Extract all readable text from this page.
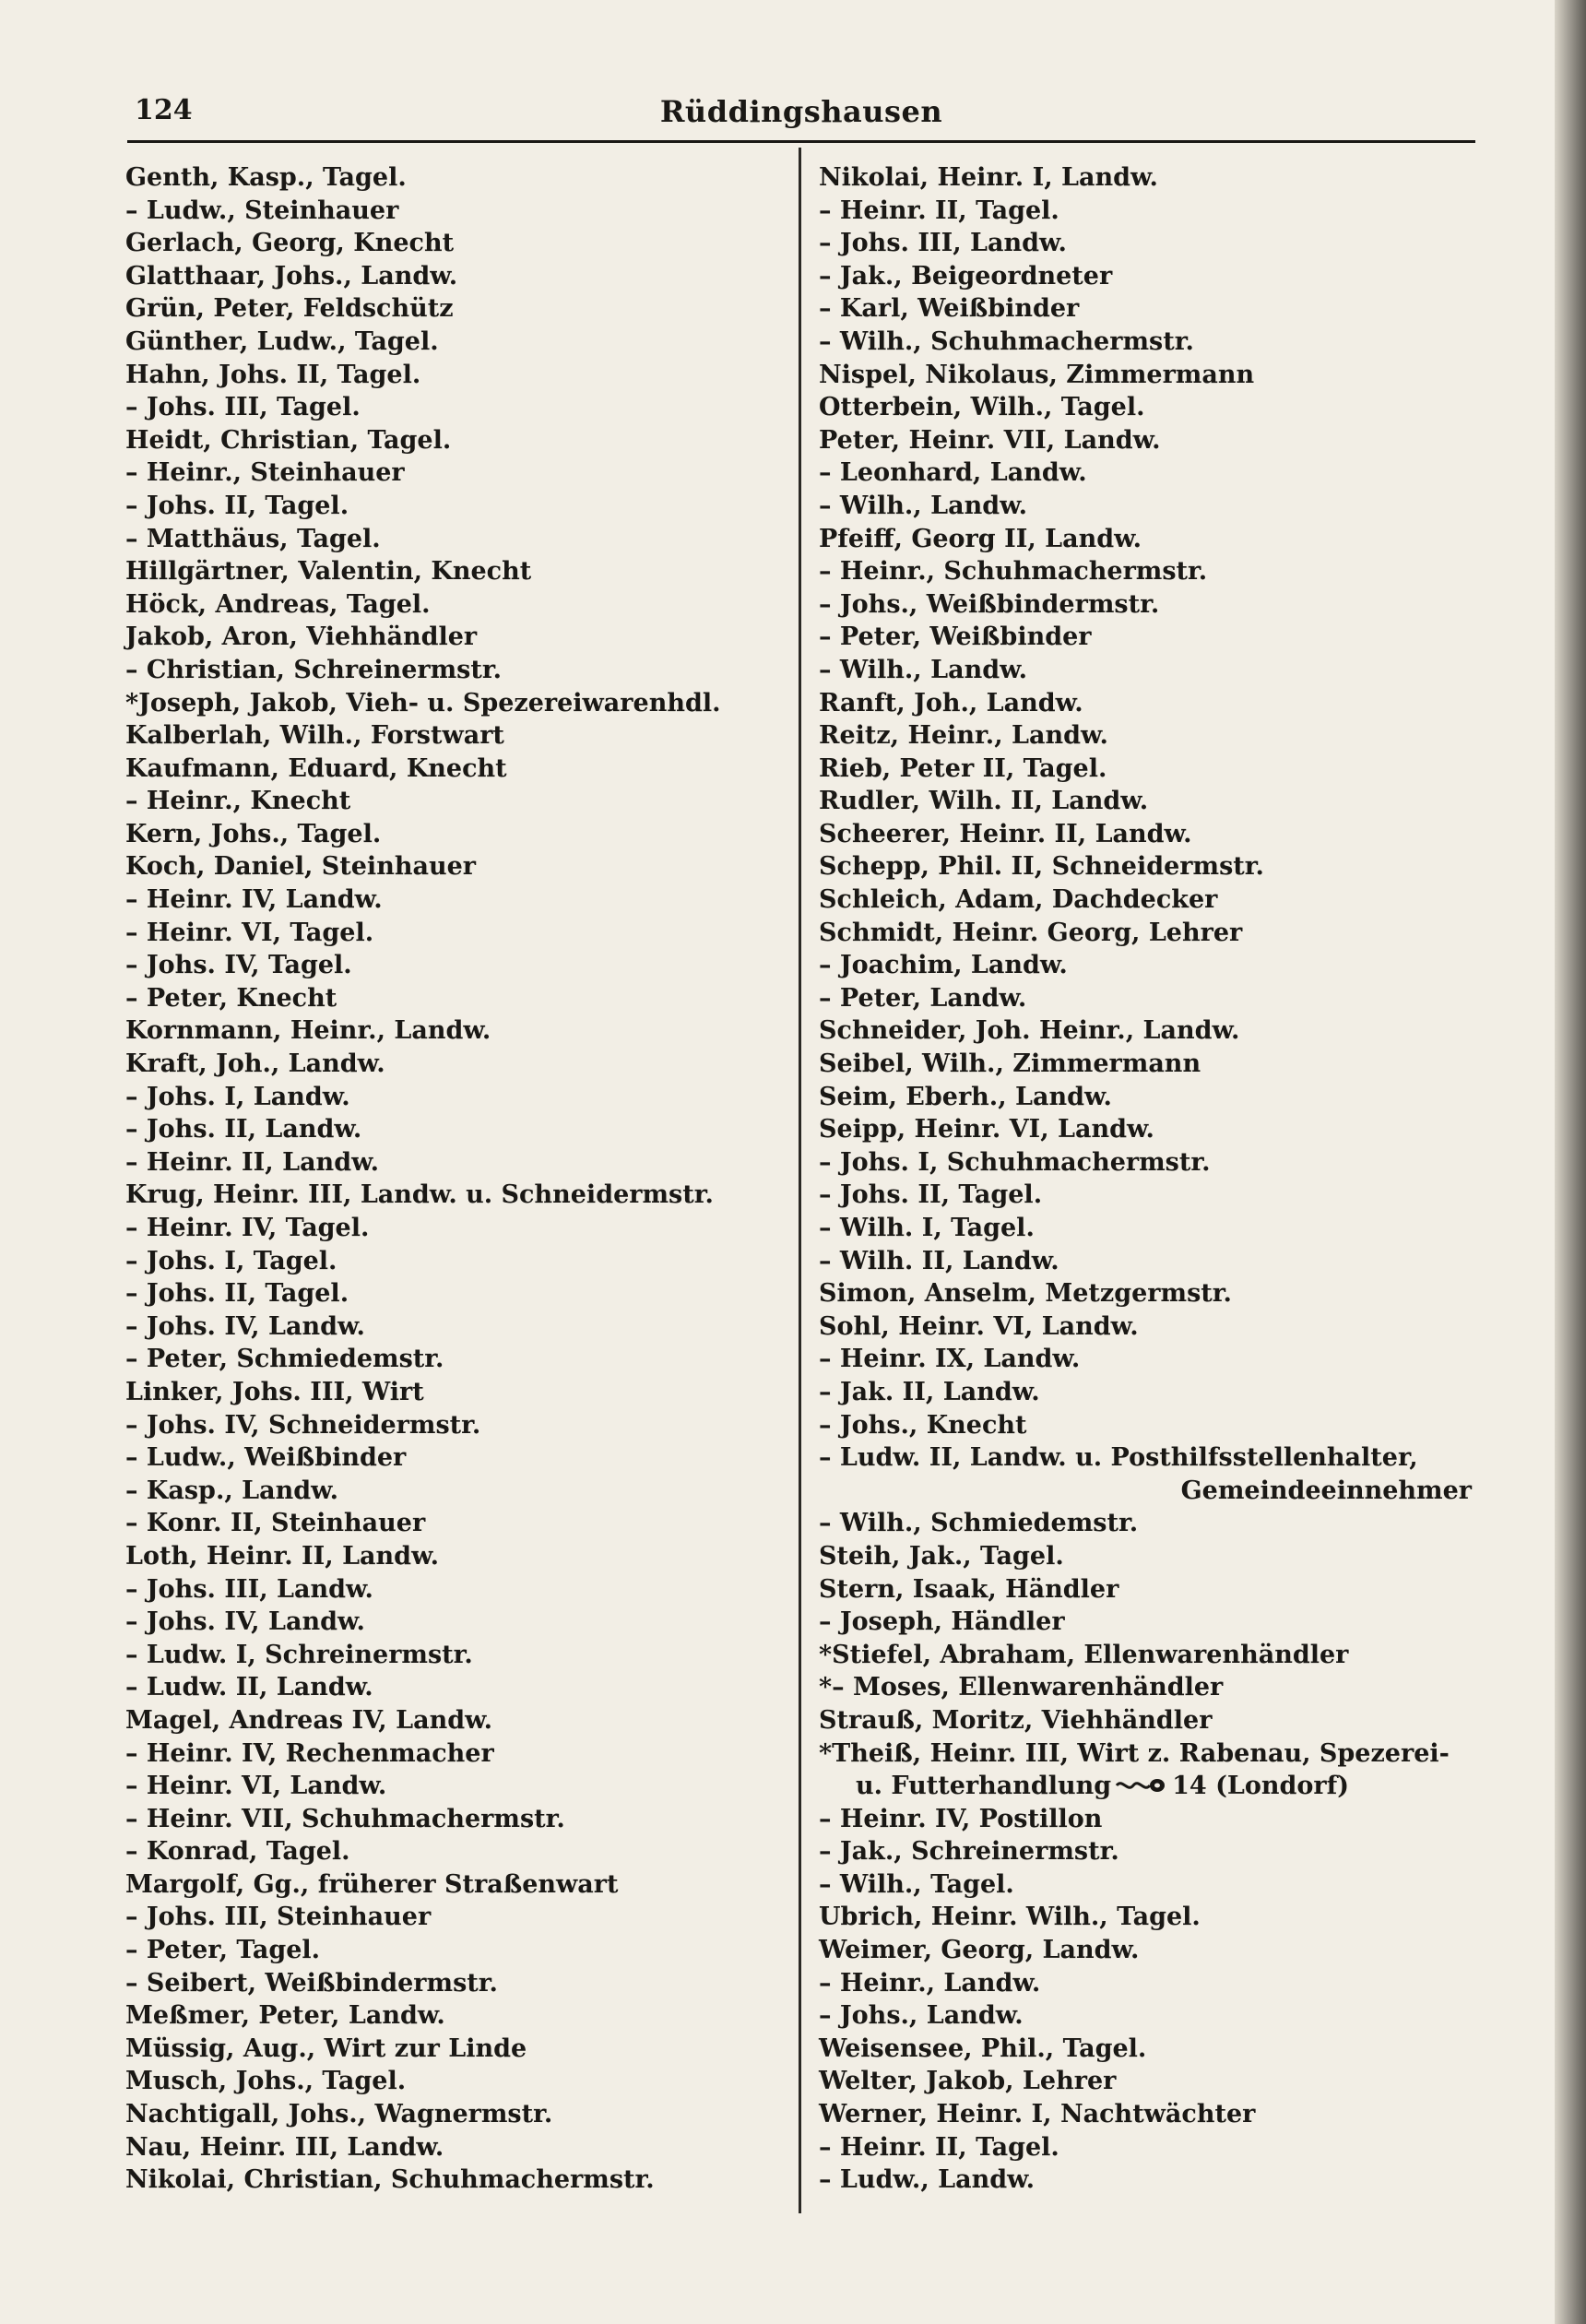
124	Rüddingshausen
Genth, Kasp., Tagel.
– Ludw., Steinhauer
Gerlach, Georg, Knecht
Glatthaar, Johs., Landw.
Grün, Peter, Feldschütz
Günther, Ludw., Tagel.
Hahn, Johs. II, Tagel.
– Johs. III, Tagel.
Heidt, Christian, Tagel.
– Heinr., Steinhauer
– Johs. II, Tagel.
– Matthäus, Tagel.
Hillgärtner, Valentin, Knecht
Höck, Andreas, Tagel.
Jakob, Aron, Viehhändler
– Christian, Schreinermstr.
*Joseph, Jakob, Vieh- u. Spezereiwarenhdl.
Kalberlah, Wilh., Forstwart
Kaufmann, Eduard, Knecht
– Heinr., Knecht
Kern, Johs., Tagel.
Koch, Daniel, Steinhauer
– Heinr. IV, Landw.
– Heinr. VI, Tagel.
– Johs. IV, Tagel.
– Peter, Knecht
Kornmann, Heinr., Landw.
Kraft, Joh., Landw.
– Johs. I, Landw.
– Johs. II, Landw.
– Heinr. II, Landw.
Krug, Heinr. III, Landw. u. Schneidermstr.
– Heinr. IV, Tagel.
– Johs. I, Tagel.
– Johs. II, Tagel.
– Johs. IV, Landw.
– Peter, Schmiedemstr.
Linker, Johs. III, Wirt
– Johs. IV, Schneidermstr.
– Ludw., Weißbinder
– Kasp., Landw.
– Konr. II, Steinhauer
Loth, Heinr. II, Landw.
– Johs. III, Landw.
– Johs. IV, Landw.
– Ludw. I, Schreinermstr.
– Ludw. II, Landw.
Magel, Andreas IV, Landw.
– Heinr. IV, Rechenmacher
– Heinr. VI, Landw.
– Heinr. VII, Schuhmachermstr.
– Konrad, Tagel.
Margolf, Gg., früherer Straßenwart
– Johs. III, Steinhauer
– Peter, Tagel.
– Seibert, Weißbindermstr.
Meßmer, Peter, Landw.
Müssig, Aug., Wirt zur Linde
Musch, Johs., Tagel.
Nachtigall, Johs., Wagnermstr.
Nau, Heinr. III, Landw.
Nikolai, Christian, Schuhmachermstr.
Nikolai, Heinr. I, Landw.
– Heinr. II, Tagel.
– Johs. III, Landw.
– Jak., Beigeordneter
– Karl, Weißbinder
– Wilh., Schuhmachermstr.
Nispel, Nikolaus, Zimmermann
Otterbein, Wilh., Tagel.
Peter, Heinr. VII, Landw.
– Leonhard, Landw.
– Wilh., Landw.
Pfeiff, Georg II, Landw.
– Heinr., Schuhmachermstr.
– Johs., Weißbindermstr.
– Peter, Weißbinder
– Wilh., Landw.
Ranft, Joh., Landw.
Reitz, Heinr., Landw.
Rieb, Peter II, Tagel.
Rudler, Wilh. II, Landw.
Scheerer, Heinr. II, Landw.
Schepp, Phil. II, Schneidermstr.
Schleich, Adam, Dachdecker
Schmidt, Heinr. Georg, Lehrer
– Joachim, Landw.
– Peter, Landw.
Schneider, Joh. Heinr., Landw.
Seibel, Wilh., Zimmermann
Seim, Eberh., Landw.
Seipp, Heinr. VI, Landw.
– Johs. I, Schuhmachermstr.
– Johs. II, Tagel.
– Wilh. I, Tagel.
– Wilh. II, Landw.
Simon, Anselm, Metzgermstr.
Sohl, Heinr. VI, Landw.
– Heinr. IX, Landw.
– Jak. II, Landw.
– Johs., Knecht
– Ludw. II, Landw. u. Posthilfsstellenhalter,
Gemeindeeinnehmer
– Wilh., Schmiedemstr.
Steih, Jak., Tagel.
Stern, Isaak, Händler
– Joseph, Händler
*Stiefel, Abraham, Ellenwarenhändler
*– Moses, Ellenwarenhändler
Strauß, Moritz, Viehhändler
*Theiß, Heinr. III, Wirt z. Rabenau, Spezerei-
u. Futterhandlung 14 (Londorf)
– Heinr. IV, Postillon
– Jak., Schreinermstr.
– Wilh., Tagel.
Ubrich, Heinr. Wilh., Tagel.
Weimer, Georg, Landw.
– Heinr., Landw.
– Johs., Landw.
Weisensee, Phil., Tagel.
Welter, Jakob, Lehrer
Werner, Heinr. I, Nachtwächter
– Heinr. II, Tagel.
– Ludw., Landw.
